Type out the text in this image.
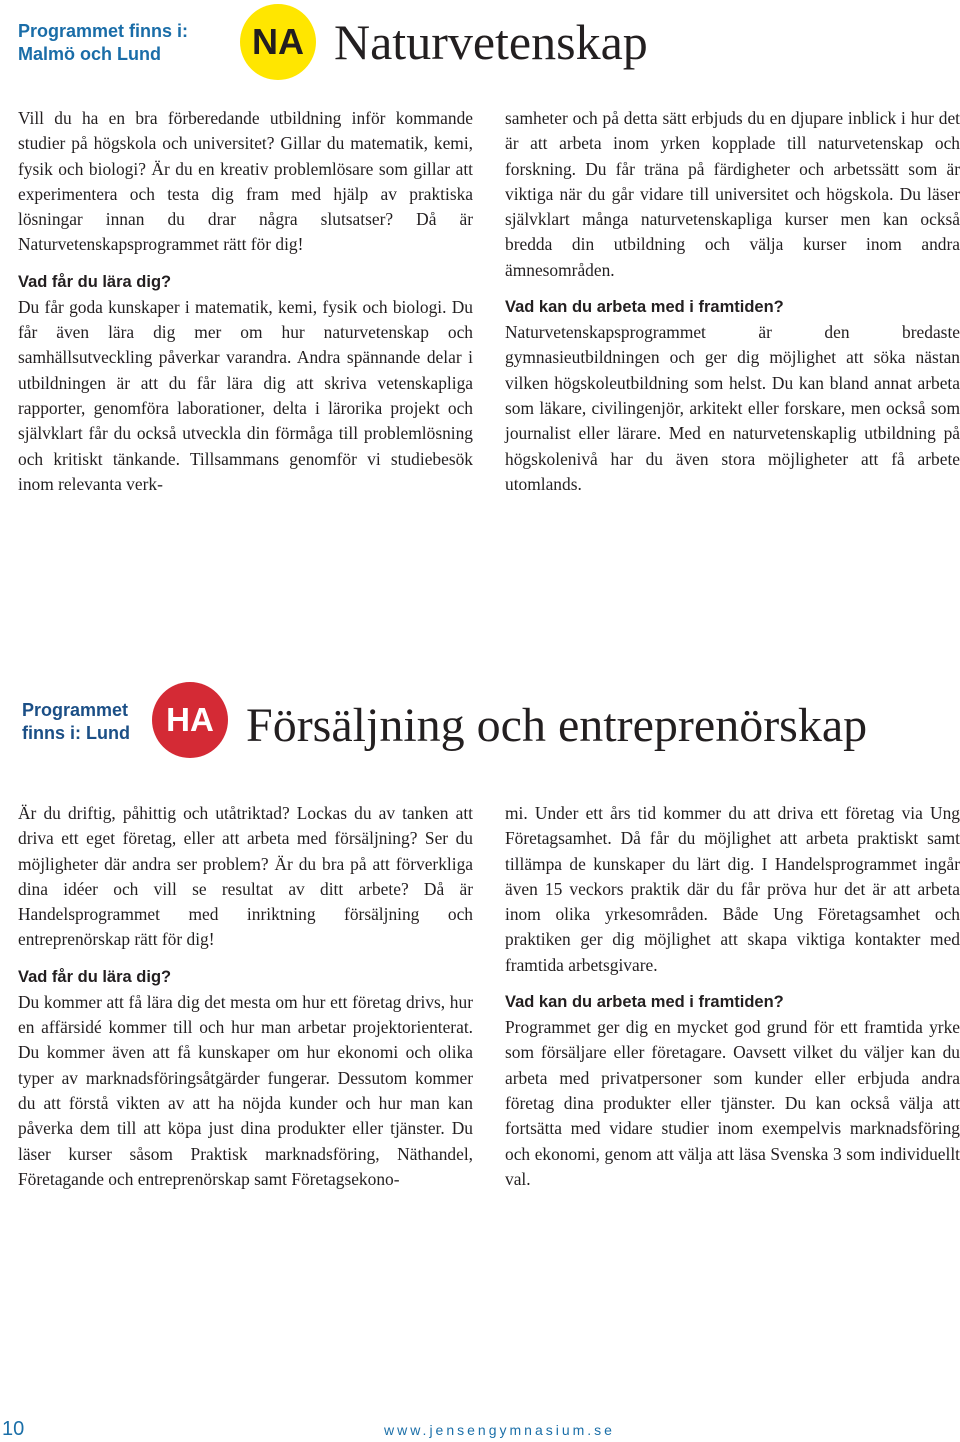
Programmet finns i:
Malmö och Lund	NA Naturvetenskap

Vill du ha en bra förberedande utbildning inför kommande studier på högskola och universitet? Gillar du matematik, kemi, fysik och biologi? Är du en kreativ problemlösare som gillar att experimentera och testa dig fram med hjälp av praktiska lösningar innan du drar några slutsatser? Då är Naturvetenskapsprogrammet rätt för dig!

Vad får du lära dig?

Du får goda kunskaper i matematik, kemi, fysik och biologi. Du får även lära dig mer om hur naturvetenskap och samhällsutveckling påverkar varandra. Andra spännande delar i utbildningen är att du får lära dig att skriva vetenskapliga rapporter, genomföra laborationer, delta i lärorika projekt och självklart får du också utveckla din förmåga till problemlösning och kritiskt tänkande. Tillsammans genomför vi studiebesök inom relevanta verk-

samheter och på detta sätt erbjuds du en djupare inblick i hur det är att arbeta inom yrken kopplade till naturvetenskap och forskning. Du får träna på färdigheter och arbetssätt som är viktiga när du går vidare till universitet och högskola. Du läser självklart många naturvetenskapliga kurser men kan också bredda din utbildning och välja kurser inom andra ämnesområden.

Vad kan du arbeta med i framtiden?

Naturvetenskapsprogrammet är den bredaste gymnasieutbildningen och ger dig möjlighet att söka nästan vilken högskoleutbildning som helst. Du kan bland annat arbeta som läkare, civilingenjör, arkitekt eller forskare, men också som journalist eller lärare. Med en naturvetenskaplig utbildning på högskolenivå har du även stora möjligheter att få arbete utomlands.

Programmet
finns i: Lund	HA Försäljning och entreprenörskap

Är du driftig, påhittig och utåtriktad? Lockas du av tanken att driva ett eget företag, eller att arbeta med försäljning? Ser du möjligheter där andra ser problem? Är du bra på att förverkliga dina idéer och vill se resultat av ditt arbete? Då är Handelsprogrammet med inriktning försäljning och entreprenörskap rätt för dig!

Vad får du lära dig?

Du kommer att få lära dig det mesta om hur ett företag drivs, hur en affärsidé kommer till och hur man arbetar projektorienterat. Du kommer även att få kunskaper om hur ekonomi och olika typer av marknadsföringsåtgärder fungerar. Dessutom kommer du att förstå vikten av att ha nöjda kunder och hur man kan påverka dem till att köpa just dina produkter eller tjänster. Du läser kurser såsom Praktisk marknadsföring, Näthandel, Företagande och entreprenörskap samt Företagsekono-

mi. Under ett års tid kommer du att driva ett företag via Ung Företagsamhet. Då får du möjlighet att arbeta praktiskt samt tillämpa de kunskaper du lärt dig. I Handelsprogrammet ingår även 15 veckors praktik där du får pröva hur det är att arbeta inom olika yrkesområden. Både Ung Företagsamhet och praktiken ger dig möjlighet att skapa viktiga kontakter med framtida arbetsgivare.

Vad kan du arbeta med i framtiden?

Programmet ger dig en mycket god grund för ett framtida yrke som försäljare eller företagare. Oavsett vilket du väljer kan du arbeta med privatpersoner som kunder eller erbjuda andra företag dina produkter eller tjänster. Du kan också välja att fortsätta med vidare studier inom exempelvis marknadsföring och ekonomi, genom att välja att läsa Svenska 3 som individuellt val.

10	www.jensengymnasium.se
